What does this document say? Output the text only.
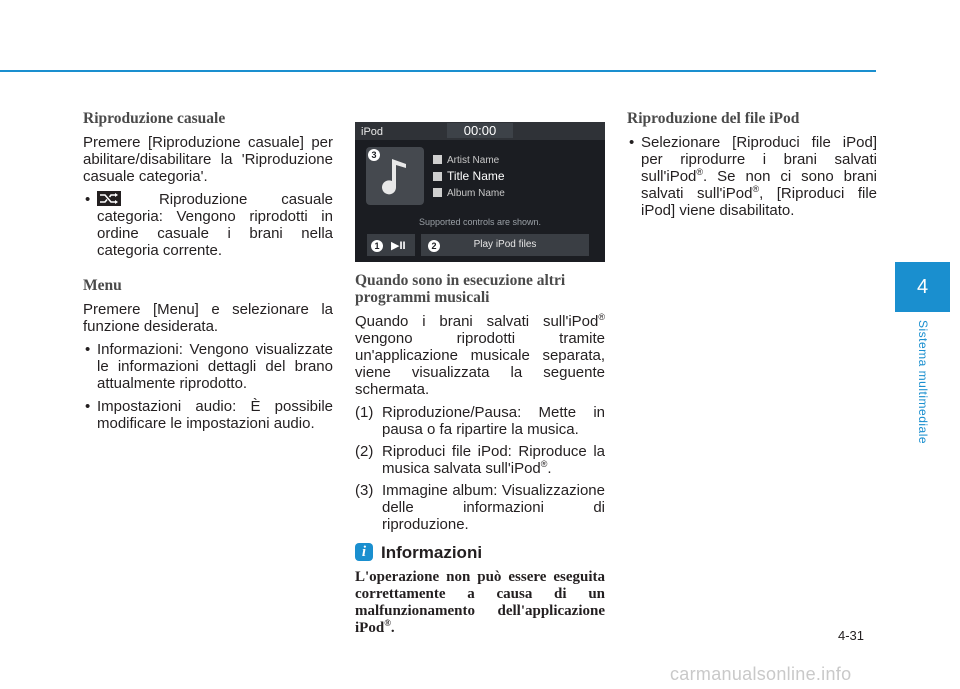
Riproduzione casuale

Premere [Riproduzione casuale] per abilitare/disabilitare la 'Riproduzione casuale categoria'.

• Riproduzione casuale categoria: Vengono riprodotti in ordine casuale i brani nella categoria corrente.
Menu

Premere [Menu] e selezionare la funzione desiderata.

• Informazioni: Vengono visualizzate le informazioni dettagli del brano attualmente riprodotto.
• Impostazioni audio: È possibile modificare le impostazioni audio.
iPod	00:00
3	Artist Name
Title Name
Album Name
Supported controls are shown.
▶II	Play iPod files
1	2
Quando sono in esecuzione altri programmi musicali

Quando i brani salvati sull'iPod® vengono riprodotti tramite un'applicazione musicale separata, viene visualizzata la seguente schermata.

(1) Riproduzione/Pausa: Mette in pausa o fa ripartire la musica.
(2) Riproduci file iPod: Riproduce la musica salvata sull'iPod®.
(3) Immagine album: Visualizzazione delle informazioni di riproduzione.
i Informazioni
L'operazione non può essere eseguita correttamente a causa di un malfunzionamento dell'applicazione iPod®.
Riproduzione del file iPod
• Selezionare [Riproduci file iPod] per riprodurre i brani salvati sull'iPod®. Se non ci sono brani salvati sull'iPod®, [Riproduci file iPod] viene disabilitato.
4
Sistema multimediale
4-31
carmanualsonline.info
